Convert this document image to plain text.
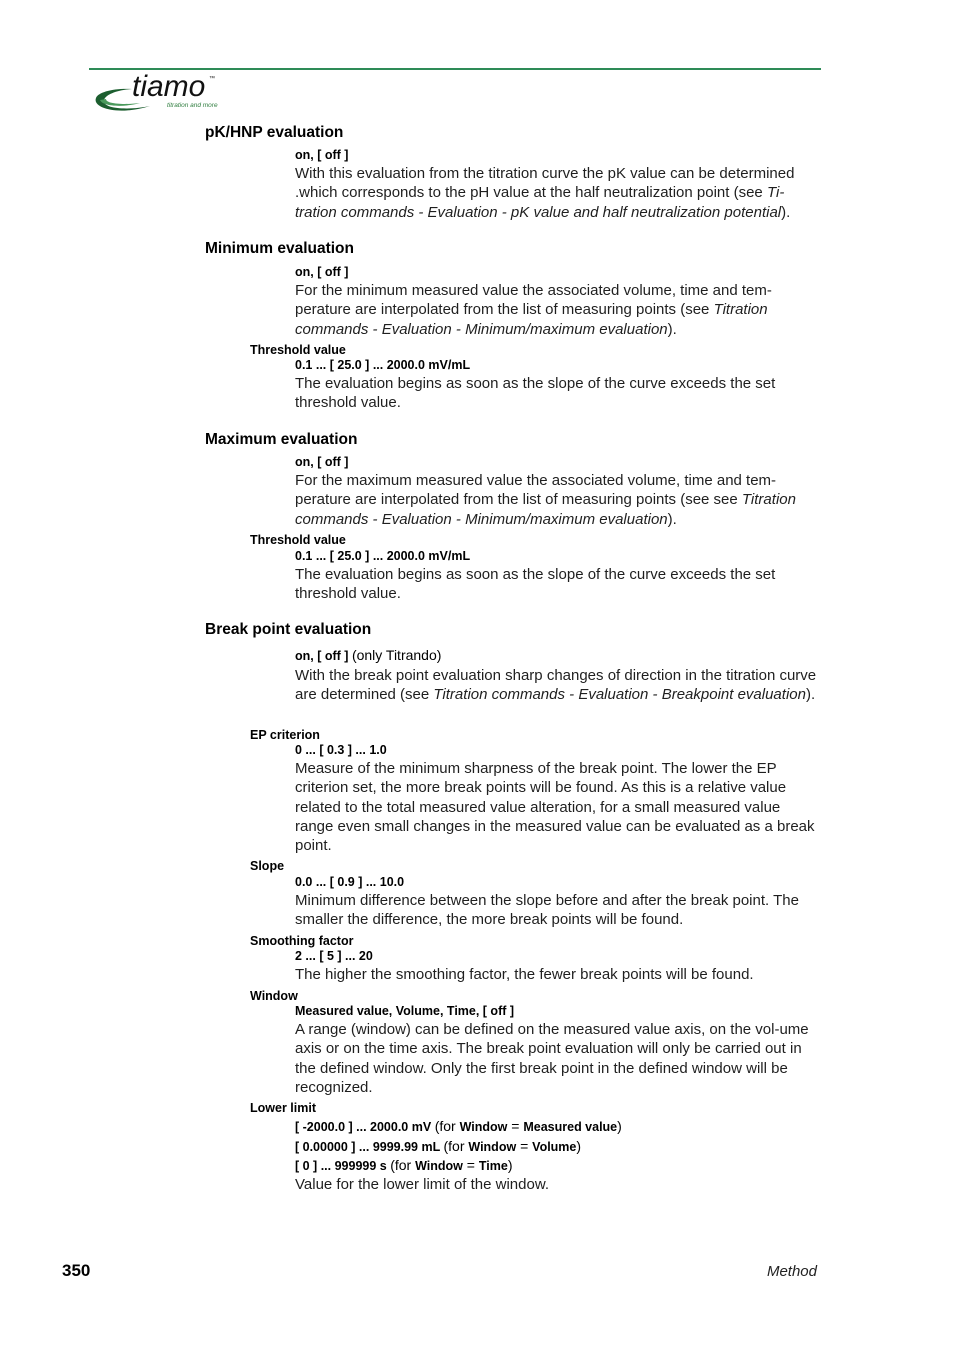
tiamo ™
titration and more
pK/HNP evaluation
on, [ off ]
With this evaluation from the titration curve the pK value can be determined .which corresponds to the pH value at the half neutralization point (see Ti-tration commands - Evaluation - pK value and half neutralization potential).
Minimum evaluation
on, [ off ]
For the minimum measured value the associated volume, time and tem-perature are interpolated from the list of measuring points (see Titration commands - Evaluation - Minimum/maximum evaluation).
Threshold value
0.1 ... [ 25.0 ] ... 2000.0 mV/mL
The evaluation begins as soon as the slope of the curve exceeds the set threshold value.
Maximum evaluation
on, [ off ]
For the maximum measured value the associated volume, time and tem-perature are interpolated from the list of measuring points (see see Titration commands - Evaluation - Minimum/maximum evaluation).
Threshold value
0.1 ... [ 25.0 ] ... 2000.0 mV/mL
The evaluation begins as soon as the slope of the curve exceeds the set threshold value.
Break point evaluation
on, [ off ] (only Titrando)
With the break point evaluation sharp changes of direction in the titration curve are determined (see Titration commands - Evaluation - Breakpoint evaluation).
EP criterion
0 ... [ 0.3 ] ... 1.0
Measure of the minimum sharpness of the break point. The lower the EP criterion set, the more break points will be found. As this is a relative value related to the total measured value alteration, for a small measured value range even small changes in the measured value can be evaluated as a break point.
Slope
0.0 ... [ 0.9 ] ... 10.0
Minimum difference between the slope before and after the break point. The smaller the difference, the more break points will be found.
Smoothing factor
2 ... [ 5 ] ... 20
The higher the smoothing factor, the fewer break points will be found.
Window
Measured value, Volume, Time, [ off ]
A range (window) can be defined on the measured value axis, on the vol-ume axis or on the time axis. The break point evaluation will only be carried out in the defined window. Only the first break point in the defined window will be recognized.
Lower limit
[ -2000.0 ] ... 2000.0 mV (for Window = Measured value)
[ 0.00000 ] ... 9999.99 mL (for Window = Volume)
[ 0 ] ... 999999 s (for Window = Time)
Value for the lower limit of the window.
350	Method
